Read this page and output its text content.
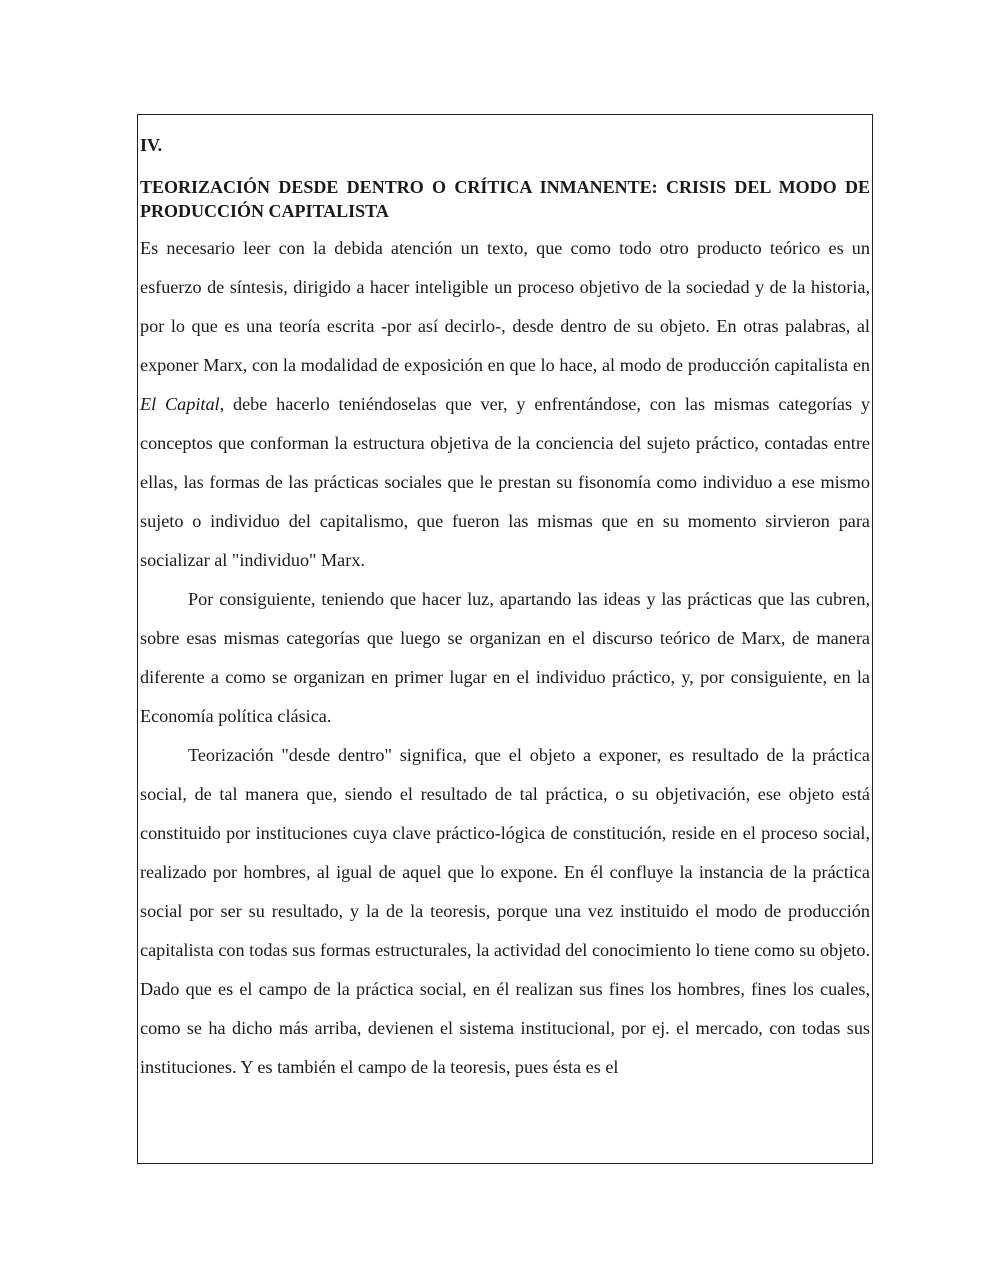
IV.
TEORIZACIÓN DESDE DENTRO O CRÍTICA INMANENTE: CRISIS DEL MODO DE PRODUCCIÓN CAPITALISTA

Es necesario leer con la debida atención un texto, que como todo otro producto teórico es un esfuerzo de síntesis, dirigido a hacer inteligible un proceso objetivo de la sociedad y de la historia, por lo que es una teoría escrita -por así decirlo-, desde dentro de su objeto. En otras palabras, al exponer Marx, con la modalidad de exposición en que lo hace, al modo de producción capitalista en El Capital, debe hacerlo teniéndoselas que ver, y enfrentándose, con las mismas categorías y conceptos que conforman la estructura objetiva de la conciencia del sujeto práctico, contadas entre ellas, las formas de las prácticas sociales que le prestan su fisonomía como individuo a ese mismo sujeto o individuo del capitalismo, que fueron las mismas que en su momento sirvieron para socializar al "individuo" Marx.

Por consiguiente, teniendo que hacer luz, apartando las ideas y las prácticas que las cubren, sobre esas mismas categorías que luego se organizan en el discurso teórico de Marx, de manera diferente a como se organizan en primer lugar en el individuo práctico, y, por consiguiente, en la Economía política clásica.

Teorización "desde dentro" significa, que el objeto a exponer, es resultado de la práctica social, de tal manera que, siendo el resultado de tal práctica, o su objetivación, ese objeto está constituido por instituciones cuya clave práctico-lógica de constitución, reside en el proceso social, realizado por hombres, al igual de aquel que lo expone. En él confluye la instancia de la práctica social por ser su resultado, y la de la teoresis, porque una vez instituido el modo de producción capitalista con todas sus formas estructurales, la actividad del conocimiento lo tiene como su objeto. Dado que es el campo de la práctica social, en él realizan sus fines los hombres, fines los cuales, como se ha dicho más arriba, devienen el sistema institucional, por ej. el mercado, con todas sus instituciones. Y es también el campo de la teoresis, pues ésta es el
